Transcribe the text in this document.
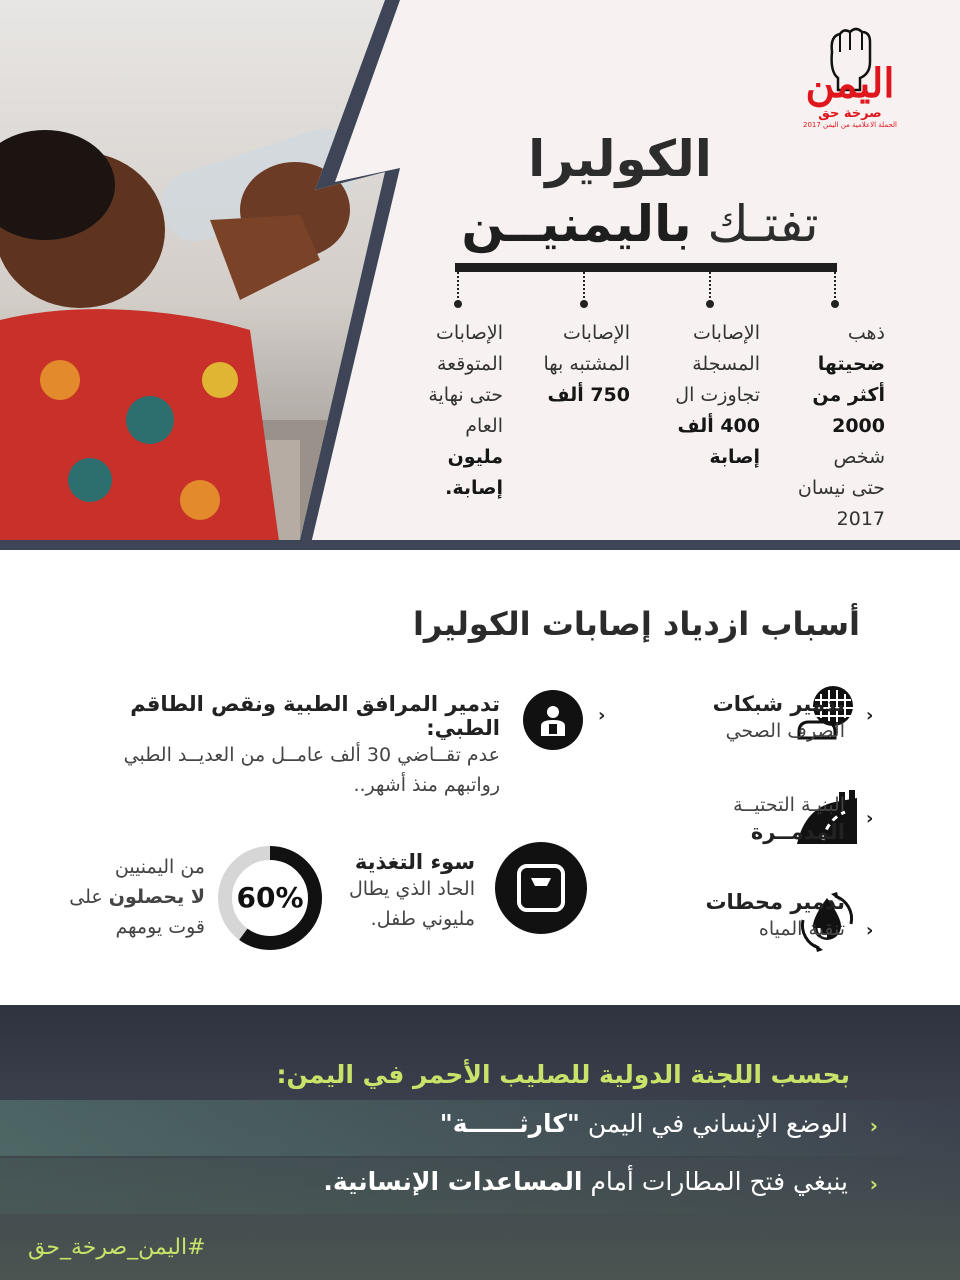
اليمن
صرخة حق
الحملة الاعلامية من اليمن 2017
الكوليرا
تفتـك باليمنيــن
ذهب
ضحيتها
أكثر من
2000
شخص
حتى نيسان
2017
الإصابات
المسجلة
تجاوزت ال
400 ألف
إصابة
الإصابات
المشتبه بها
750 ألف
الإصابات
المتوقعة
حتى نهاية
العام
مليون
إصابة.
أسباب ازدياد إصابات الكوليرا
›
تدمير شبكات
الصرف الصحي
›
البنيـة التحتيــة
المدمــرة
›
تدمير محطات
تنقية المياه
›
تدمير المرافق الطبية ونقص الطاقم الطبي:
عدم تقــاضي 30 ألف عامــل من العديــد الطبي
رواتبهم منذ أشهر..
سوء التغذية
الحاد الذي يطال
مليوني طفل.
60%
من اليمنيين
لا يحصلون على
قوت يومهم
بحسب اللجنة الدولية للصليب الأحمر في اليمن:
‹
الوضع الإنساني في اليمن "كارثــــــة"
‹
ينبغي فتح المطارات أمام المساعدات الإنسانية.
#اليمن_صرخة_حق
